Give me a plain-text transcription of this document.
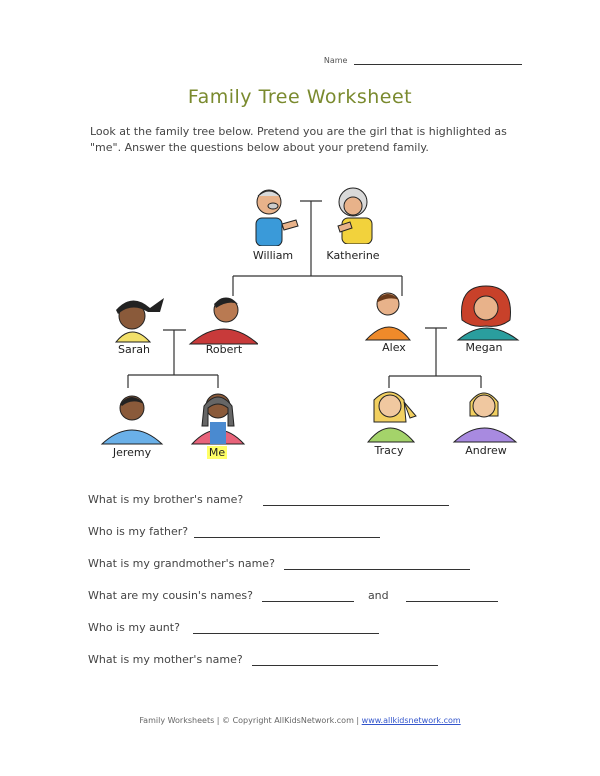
Name
Family Tree Worksheet
Look at the family tree below. Pretend you are the girl that is highlighted as "me". Answer the questions below about your pretend family.
William	Katherine
Sarah	Robert	Alex	Megan
Jeremy	Me	Tracy	Andrew
What is my brother's name?
Who is my father?
What is my grandmother's name?
What are my cousin's names?	and
Who is my aunt?
What is my mother's name?
Family Worksheets | © Copyright AllKidsNetwork.com | www.allkidsnetwork.com
